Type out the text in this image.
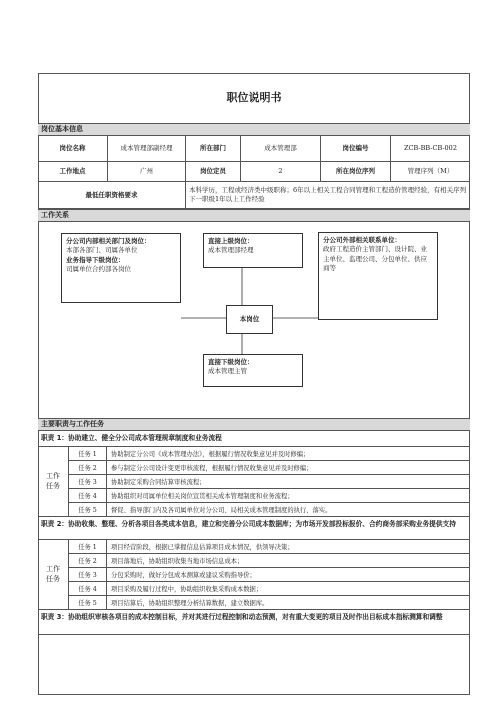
职位说明书
岗位基本信息
岗位名称	成本管理部副经理	所在部门	成本管理部	岗位编号	ZCB-BB-CB-002
工作地点	广州	岗位定员	2	所在岗位序列	管理序列（M）
最低任职资格要求
本科学历，工程或经济类中级职称；6年以上相关工程合同管理和工程造价管理经验，有相关序列下一职级1年以上工作经验
工作关系
直接上级岗位：
成本管理部经理
分公司内部相关部门及岗位：
本部各部门、司属各单位
业务指导下级岗位：
司属单位合约部各岗位
本岗位
分公司外部相关联系单位：
政府工程造价主管部门、设计院、业主单位、监理公司、分包单位、供应商等
直接下级岗位：
成本管理主管
主要职责与工作任务
职责 1：协助建立、健全分公司成本管理规章制度和业务流程
工作任务
任务 1	协助制定分公司《成本管理办法》，根据履行情况收集意见并及时修编；
任务 2	参与制定分公司设计变更审核流程，根据履行情况收集意见并及时修编；
任务 3	协助制定采购合同结算审核流程；
任务 4	协助组织对司属单位相关岗位宣贯相关成本管理制度和业务流程；
任务 5	督促、指导部门内及各司属单位对分公司、局相关成本管理制度的执行、落实。
职责 2：协助收集、整理、分析各项目各类成本信息，建立和完善分公司成本数据库；为市场开发部投标报价、合约商务部采购业务提供支持
工作任务
任务 1	项目经营阶段，根据已掌握信息估算项目成本情况，供领导决策；
任务 2	项目落地后，协助组织收集当地市场信息成本；
任务 3	分包采购时，做好分包成本测算或建议采购指导价；
任务 4	项目采购及履行过程中，协助组织收集采购成本数据；
任务 5	项目结算后，协助组织整理分析结算数据，建立数据库。
职责 3：协助组织审核各项目的成本控制目标，并对其进行过程控制和动态预测，对有重大变更的项目及时作出目标成本指标测算和调整
